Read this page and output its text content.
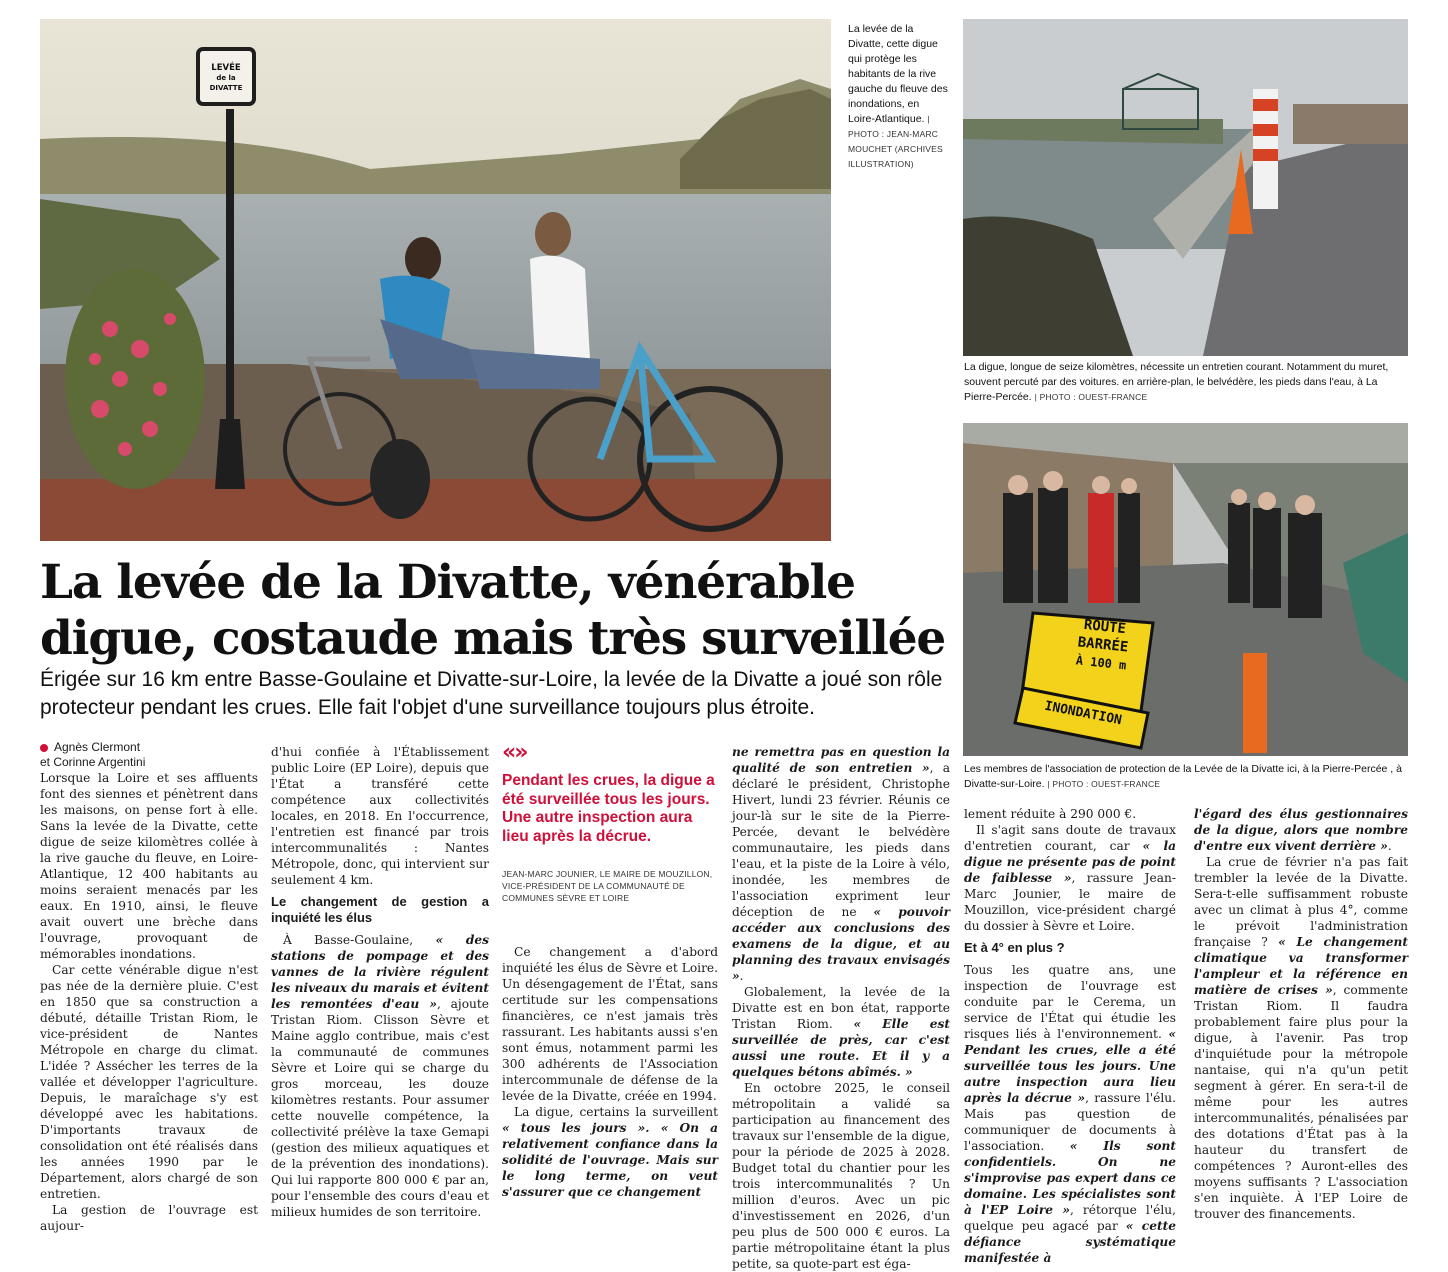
LEVÉE
de la DIVATTE
La levée de la Divatte, cette digue qui protège les habitants de la rive gauche du fleuve des inondations, en Loire-Atlantique. | PHOTO : JEAN-MARC MOUCHET (ARCHIVES ILLUSTRATION)
La digue, longue de seize kilomètres, nécessite un entretien courant. Notamment du muret, souvent percuté par des voitures. en arrière-plan, le belvédère, les pieds dans l'eau, à La Pierre-Percée. | PHOTO : OUEST-FRANCE
ROUTE
BARRÉE
À 100 m
INONDATION
Les membres de l'association de protection de la Levée de la Divatte ici, à la Pierre-Percée , à Divatte-sur-Loire. | PHOTO : OUEST-FRANCE
La levée de la Divatte, vénérable digue, costaude mais très surveillée
Érigée sur 16 km entre Basse-Goulaine et Divatte-sur-Loire, la levée de la Divatte a joué son rôle protecteur pendant les crues. Elle fait l'objet d'une surveillance toujours plus étroite.
Agnès Clermont
et Corinne Argentini

Lorsque la Loire et ses affluents font des siennes et pénètrent dans les maisons, on pense fort à elle. Sans la levée de la Divatte, cette digue de seize kilomètres collée à la rive gauche du fleuve, en Loire-Atlantique, 12 400 habitants au moins seraient menacés par les eaux. En 1910, ainsi, le fleuve avait ouvert une brèche dans l'ouvrage, provoquant de mémorables inondations.

Car cette vénérable digue n'est pas née de la dernière pluie. C'est en 1850 que sa construction a débuté, détaille Tristan Riom, le vice-président de Nantes Métropole en charge du climat. L'idée ? Assécher les terres de la vallée et développer l'agriculture. Depuis, le maraîchage s'y est développé avec les habitations. D'importants travaux de consolidation ont été réalisés dans les années 1990 par le Département, alors chargé de son entretien.

La gestion de l'ouvrage est aujour-

d'hui confiée à l'Établissement public Loire (EP Loire), depuis que l'État a transféré cette compétence aux collectivités locales, en 2018. En l'occurrence, l'entretien est financé par trois intercommunalités : Nantes Métropole, donc, qui intervient sur seulement 4 km.

Le changement de gestion a inquiété les élus

À Basse-Goulaine, « des stations de pompage et des vannes de la rivière régulent les niveaux du marais et évitent les remontées d'eau », ajoute Tristan Riom. Clisson Sèvre et Maine agglo contribue, mais c'est la communauté de communes Sèvre et Loire qui se charge du gros morceau, les douze kilomètres restants. Pour assumer cette nouvelle compétence, la collectivité prélève la taxe Gemapi (gestion des milieux aquatiques et de la prévention des inondations). Qui lui rapporte 800 000 € par an, pour l'ensemble des cours d'eau et milieux humides de son territoire.

«»
Pendant les crues, la digue a été surveillée tous les jours. Une autre inspection aura lieu après la décrue.
JEAN-MARC JOUNIER, LE MAIRE DE MOUZILLON, VICE-PRÉSIDENT DE LA COMMUNAUTÉ DE COMMUNES SÈVRE ET LOIRE

Ce changement a d'abord inquiété les élus de Sèvre et Loire. Un désengagement de l'État, sans certitude sur les compensations financières, ce n'est jamais très rassurant. Les habitants aussi s'en sont émus, notamment parmi les 300 adhérents de l'Association intercommunale de défense de la levée de la Divatte, créée en 1994.

La digue, certains la surveillent « tous les jours ». « On a relativement confiance dans la solidité de l'ouvrage. Mais sur le long terme, on veut s'assurer que ce changement

ne remettra pas en question la qualité de son entretien », a déclaré le président, Christophe Hivert, lundi 23 février. Réunis ce jour-là sur le site de la Pierre-Percée, devant le belvédère communautaire, les pieds dans l'eau, et la piste de la Loire à vélo, inondée, les membres de l'association expriment leur déception de ne « pouvoir accéder aux conclusions des examens de la digue, et au planning des travaux envisagés ».

Globalement, la levée de la Divatte est en bon état, rapporte Tristan Riom. « Elle est surveillée de près, car c'est aussi une route. Et il y a quelques bétons abîmés. »

En octobre 2025, le conseil métropolitain a validé sa participation au financement des travaux sur l'ensemble de la digue, pour la période de 2025 à 2028. Budget total du chantier pour les trois intercommunalités ? Un million d'euros. Avec un pic d'investissement en 2026, d'un peu plus de 500 000 € euros. La partie métropolitaine étant la plus petite, sa quote-part est éga-

lement réduite à 290 000 €.

Il s'agit sans doute de travaux d'entretien courant, car « la digue ne présente pas de point de faiblesse », rassure Jean-Marc Jounier, le maire de Mouzillon, vice-président chargé du dossier à Sèvre et Loire.

Et à 4° en plus ?

Tous les quatre ans, une inspection de l'ouvrage est conduite par le Cerema, un service de l'État qui étudie les risques liés à l'environnement. « Pendant les crues, elle a été surveillée tous les jours. Une autre inspection aura lieu après la décrue », rassure l'élu. Mais pas question de communiquer de documents à l'association. « Ils sont confidentiels. On ne s'improvise pas expert dans ce domaine. Les spécialistes sont à l'EP Loire », rétorque l'élu, quelque peu agacé par « cette défiance systématique manifestée à

l'égard des élus gestionnaires de la digue, alors que nombre d'entre eux vivent derrière ».

La crue de février n'a pas fait trembler la levée de la Divatte. Sera-t-elle suffisamment robuste avec un climat à plus 4°, comme le prévoit l'administration française ? « Le changement climatique va transformer l'ampleur et la référence en matière de crises », commente Tristan Riom. Il faudra probablement faire plus pour la digue, à l'avenir. Pas trop d'inquiétude pour la métropole nantaise, qui n'a qu'un petit segment à gérer. En sera-t-il de même pour les autres intercommunalités, pénalisées par des dotations d'État pas à la hauteur du transfert de compétences ? Auront-elles des moyens suffisants ? L'association s'en inquiète. À l'EP Loire de trouver des financements.
